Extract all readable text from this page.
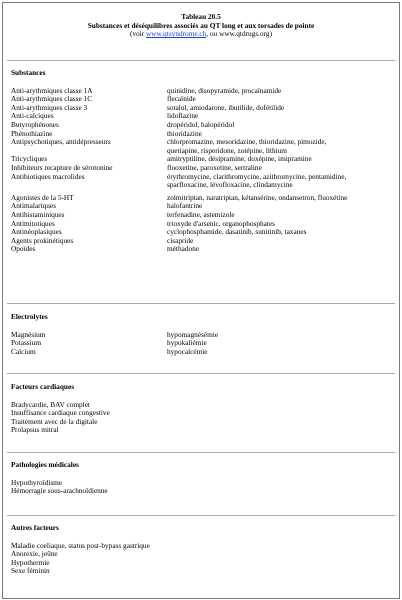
Tableau 20.5
Substances et déséquilibres associés au QT long et aux torsades de pointe
(voir www.qtsyndrome.ch, ou www.qtdrugs.org)
Substances
Anti-arythmiques classe 1A	quinidine, disopyramide, procaïnamide
Anti-arythmiques classe 1C	flecaïnide
Anti-arythmiques classe 3	sotalol, amiodarone, ibutilide, dofétilide
Anti-calciques	lidoflazine
Butyrophénones	dropéridol, halopéridol
Phénothiazine	thioridazine
Antipsychotiques, antidépresseurs	chlorpromazine, mesoridazine, thioridazine, pimozide,
quetiapine, risperidone, zotépine, lithium
Tricycliques	amitryptiline, désipramine, doxépine, imipramine
Inhibiteurs recapture de sérotonine	fluoxetine, paroxetine, sertraline
Antibiotiques macrolides	érythromycine, clarithromycine, azithromycine, pentamidine,
sparfloxacine, lévofloxacine, clindamycine
Agonistes de la 5-HT	zolmitriptan, naratriptan, kétansérine, ondansetron, fluoxétine
Antimalariques	halofantrine
Antihistaminiques	terfenadine, astemizole
Antimitotiques	trioxyde d'arsenic, organophosphates
Antinéoplasiques	cyclophosphamide, dasatinib, sunitinib, taxanes
Agents prokinétiques	cisapride
Opoïdes	méthadone
Electrolytes
Magnésium	hypomagnésémie
Potassium	hypokaliémie
Calcium	hypocalcémie
Facteurs cardiaques
Bradycardie, BAV complet
Insuffisance cardiaque congestive
Traitement avec de la digitale
Prolapsus mitral
Pathologies médicales
Hypothyroïdisme
Hémorragie sous-arachnoïdienne
Autres facteurs
Maladie coeliaque, status post-bypass gastrique
Anorexie, jeûne
Hypothermie
Sexe féminin
